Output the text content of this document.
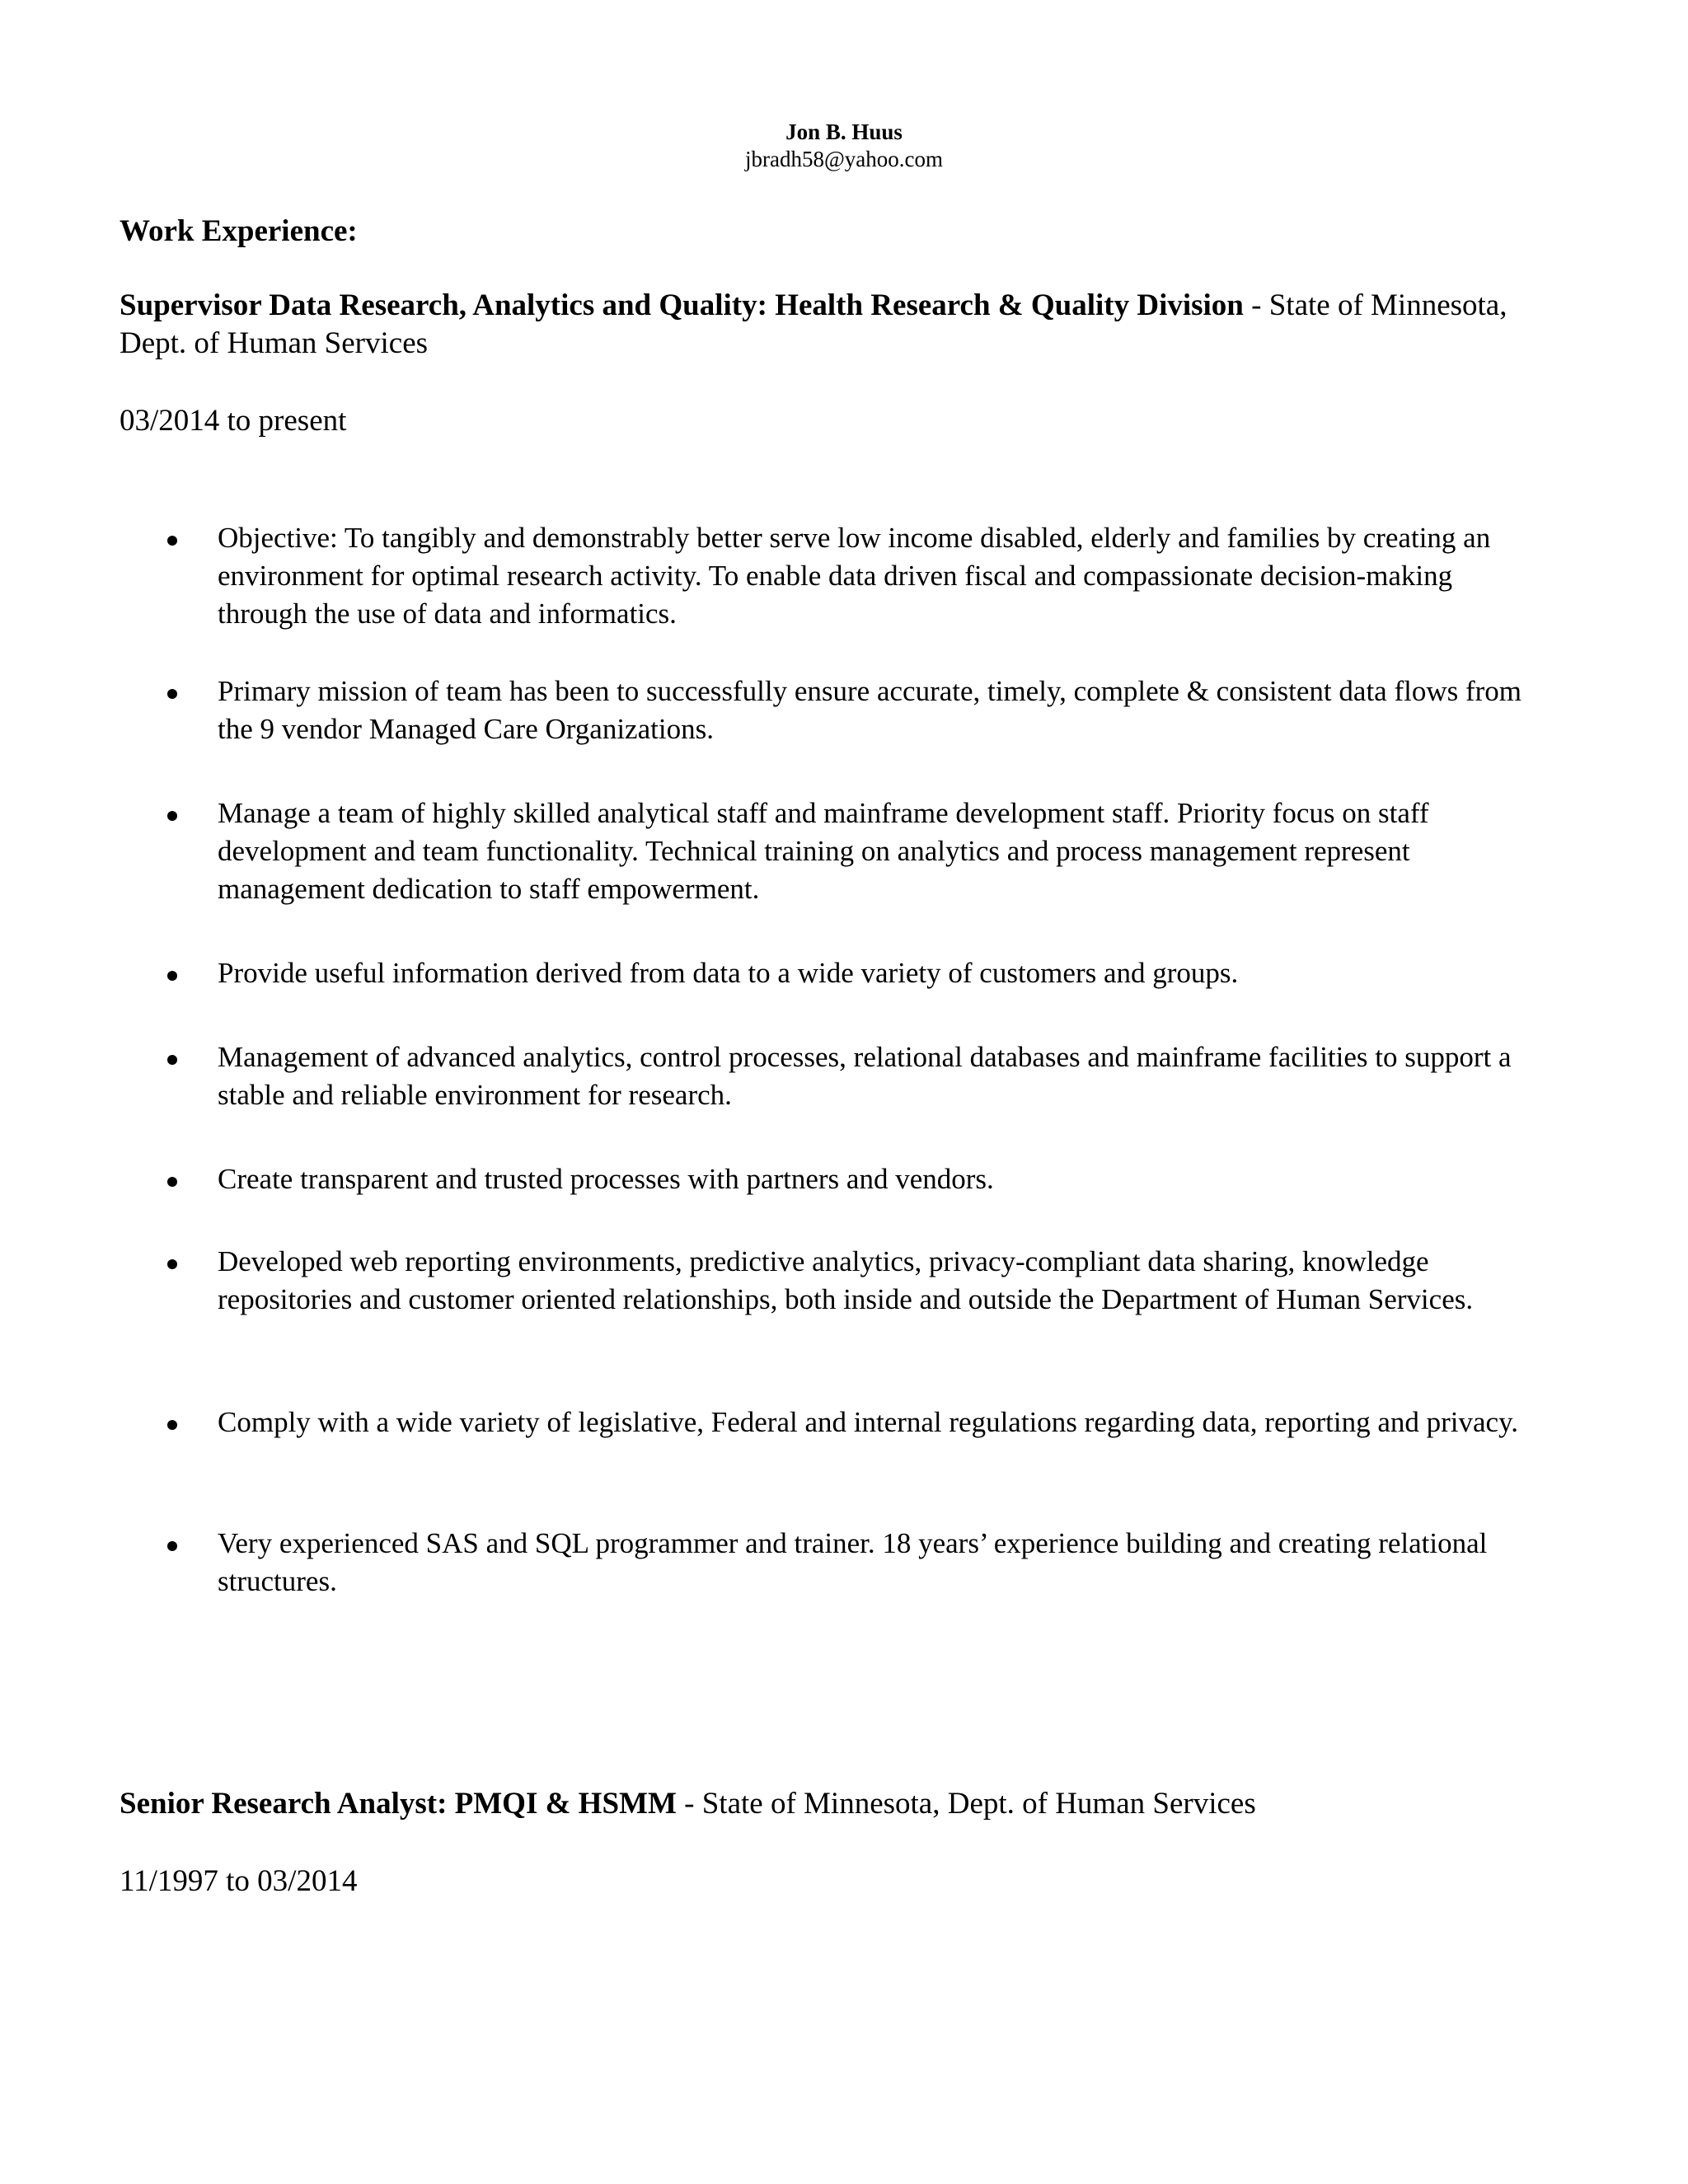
Jon B. Huus
jbradh58@yahoo.com
Work Experience:
Supervisor Data Research, Analytics and Quality: Health Research & Quality Division - State of Minnesota, Dept. of Human Services
03/2014 to present
Objective: To tangibly and demonstrably better serve low income disabled, elderly and families by creating an environment for optimal research activity. To enable data driven fiscal and compassionate decision-making through the use of data and informatics.
Primary mission of team has been to successfully ensure accurate, timely, complete & consistent data flows from the 9 vendor Managed Care Organizations.
Manage a team of highly skilled analytical staff and mainframe development staff. Priority focus on staff development and team functionality. Technical training on analytics and process management represent management dedication to staff empowerment.
Provide useful information derived from data to a wide variety of customers and groups.
Management of advanced analytics, control processes, relational databases and mainframe facilities to support a stable and reliable environment for research.
Create transparent and trusted processes with partners and vendors.
Developed web reporting environments, predictive analytics, privacy-compliant data sharing, knowledge repositories and customer oriented relationships, both inside and outside the Department of Human Services.
Comply with a wide variety of legislative, Federal and internal regulations regarding data, reporting and privacy.
Very experienced SAS and SQL programmer and trainer. 18 years’ experience building and creating relational structures.
Senior Research Analyst: PMQI & HSMM - State of Minnesota, Dept. of Human Services
11/1997 to 03/2014
